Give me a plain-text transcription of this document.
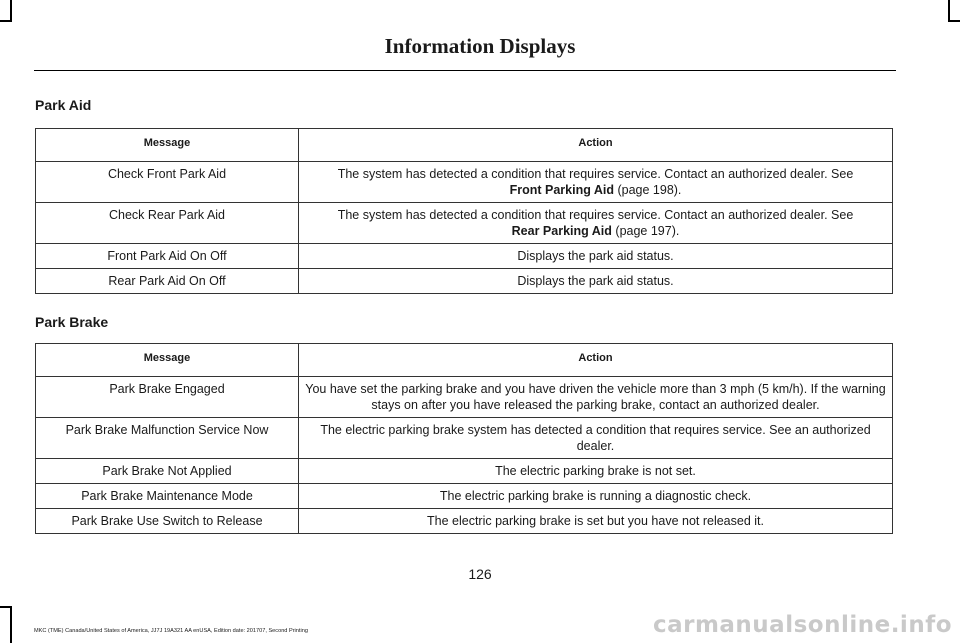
Information Displays
Park Aid
Message	Action
Check Front Park Aid	The system has detected a condition that requires service. Contact an authorized dealer. See
Front Parking Aid (page 198).
Check Rear Park Aid	The system has detected a condition that requires service. Contact an authorized dealer. See
Rear Parking Aid (page 197).
Front Park Aid On Off	Displays the park aid status.
Rear Park Aid On Off	Displays the park aid status.
Park Brake
Message	Action
Park Brake Engaged	You have set the parking brake and you have driven the vehicle more than 3 mph (5 km/h). If the warning stays on after you have released the parking brake, contact an authorized dealer.
Park Brake Malfunction Service Now	The electric parking brake system has detected a condition that requires service. See an authorized dealer.
Park Brake Not Applied	The electric parking brake is not set.
Park Brake Maintenance Mode	The electric parking brake is running a diagnostic check.
Park Brake Use Switch to Release	The electric parking brake is set but you have not released it.
126
MKC (TME) Canada/United States of America, JJ7J 19A321 AA enUSA, Edition date: 201707, Second Printing	carmanualsonline.info
